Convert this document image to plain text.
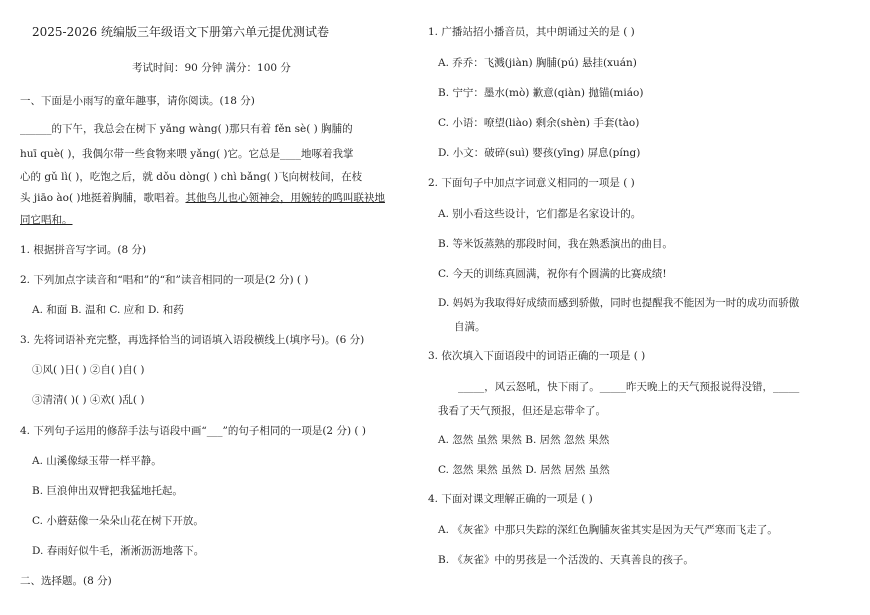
2025-2026 统编版三年级语文下册第六单元提优测试卷
考试时间：90 分钟 满分：100 分
一、下面是小雨写的童年趣事，请你阅读。(18 分)
______的下午，我总会在树下 yǎng wàng( )那只有着 fěn sè( ) 胸脯的
huī què( )，我偶尔带一些食物来喂 yǎng( )它。它总是____地啄着我掌
心的 gǔ lì( )，吃饱之后，就 dǒu dòng( ) chì bǎng( )飞向树枝间，在枝
头 jiāo ào( )地挺着胸脯，歌唱着。其他鸟儿也心领神会，用婉转的鸣叫联袂地
同它唱和。
1. 根据拼音写字词。(8 分)
2. 下列加点字读音和“唱和”的“和”读音相同的一项是(2 分) ( )
A. 和面 B. 温和 C. 应和 D. 和药
3. 先将词语补充完整，再选择恰当的词语填入语段横线上(填序号)。(6 分)
①风( )日( ) ②自( )自( )
③清清( )( ) ④欢( )乱( )
4. 下列句子运用的修辞手法与语段中画“___”的句子相同的一项是(2 分) ( )
A. 山溪像绿玉带一样平静。
B. 巨浪伸出双臂把我猛地托起。
C. 小蘑菇像一朵朵山花在树下开放。
D. 春雨好似牛毛，淅淅沥沥地落下。
二、选择题。(8 分)
1. 广播站招小播音员，其中朗诵过关的是 ( )
A. 乔乔：飞溅(jiàn) 胸脯(pú) 悬挂(xuán)
B. 宁宁：墨水(mò) 歉意(qiàn) 抛锚(miáo)
C. 小语：嘹望(liào) 剩余(shèn) 手套(tào)
D. 小文：破碎(suì) 婴孩(yīng) 屏息(píng)
2. 下面句子中加点字词意义相同的一项是 ( )
A. 别小看这些设计，它们都是名家设计的。
B. 等米饭蒸熟的那段时间，我在熟悉演出的曲目。
C. 今天的训练真圆满，祝你有个圆满的比赛成绩!
D. 妈妈为我取得好成绩而感到骄傲，同时也提醒我不能因为一时的成功而骄傲
自满。
3. 依次填入下面语段中的词语正确的一项是 ( )
_____，风云怒吼，快下雨了。_____昨天晚上的天气预报说得没错，_____
我看了天气预报，但还是忘带伞了。
A. 忽然 虽然 果然 B. 居然 忽然 果然
C. 忽然 果然 虽然 D. 居然 居然 虽然
4. 下面对课文理解正确的一项是 ( )
A. 《灰雀》中那只失踪的深红色胸脯灰雀其实是因为天气严寒而飞走了。
B. 《灰雀》中的男孩是一个活泼的、天真善良的孩子。
